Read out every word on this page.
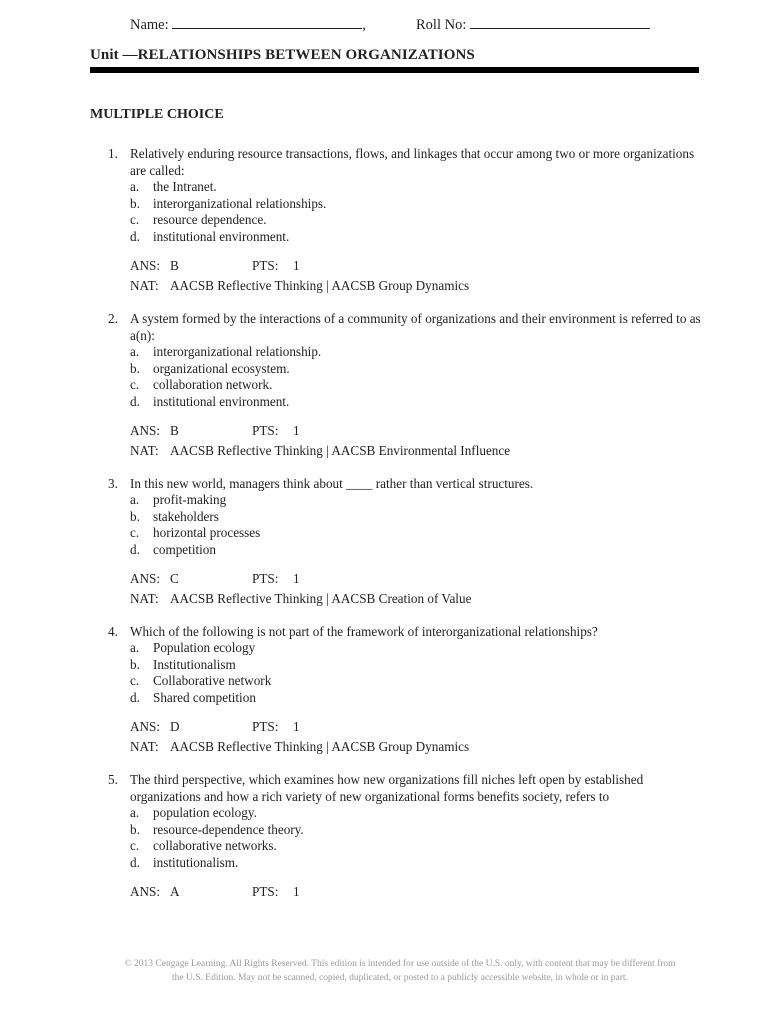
Name:	,	Roll No:
Unit —RELATIONSHIPS BETWEEN ORGANIZATIONS
MULTIPLE CHOICE
1. Relatively enduring resource transactions, flows, and linkages that occur among two or more organizations are called:
a. the Intranet.
b. interorganizational relationships.
c. resource dependence.
d. institutional environment.
ANS: B	PTS: 1
NAT: AACSB Reflective Thinking | AACSB Group Dynamics
2. A system formed by the interactions of a community of organizations and their environment is referred to as a(n):
a. interorganizational relationship.
b. organizational ecosystem.
c. collaboration network.
d. institutional environment.
ANS: B	PTS: 1
NAT: AACSB Reflective Thinking | AACSB Environmental Influence
3. In this new world, managers think about ____ rather than vertical structures.
a. profit-making
b. stakeholders
c. horizontal processes
d. competition
ANS: C	PTS: 1
NAT: AACSB Reflective Thinking | AACSB Creation of Value
4. Which of the following is not part of the framework of interorganizational relationships?
a. Population ecology
b. Institutionalism
c. Collaborative network
d. Shared competition
ANS: D	PTS: 1
NAT: AACSB Reflective Thinking | AACSB Group Dynamics
5. The third perspective, which examines how new organizations fill niches left open by established organizations and how a rich variety of new organizational forms benefits society, refers to
a. population ecology.
b. resource-dependence theory.
c. collaborative networks.
d. institutionalism.
ANS: A	PTS: 1
© 2013 Cengage Learning. All Rights Reserved. This edition is intended for use outside of the U.S. only, with content that may be different from the U.S. Edition. May not be scanned, copied, duplicated, or posted to a publicly accessible website, in whole or in part.
